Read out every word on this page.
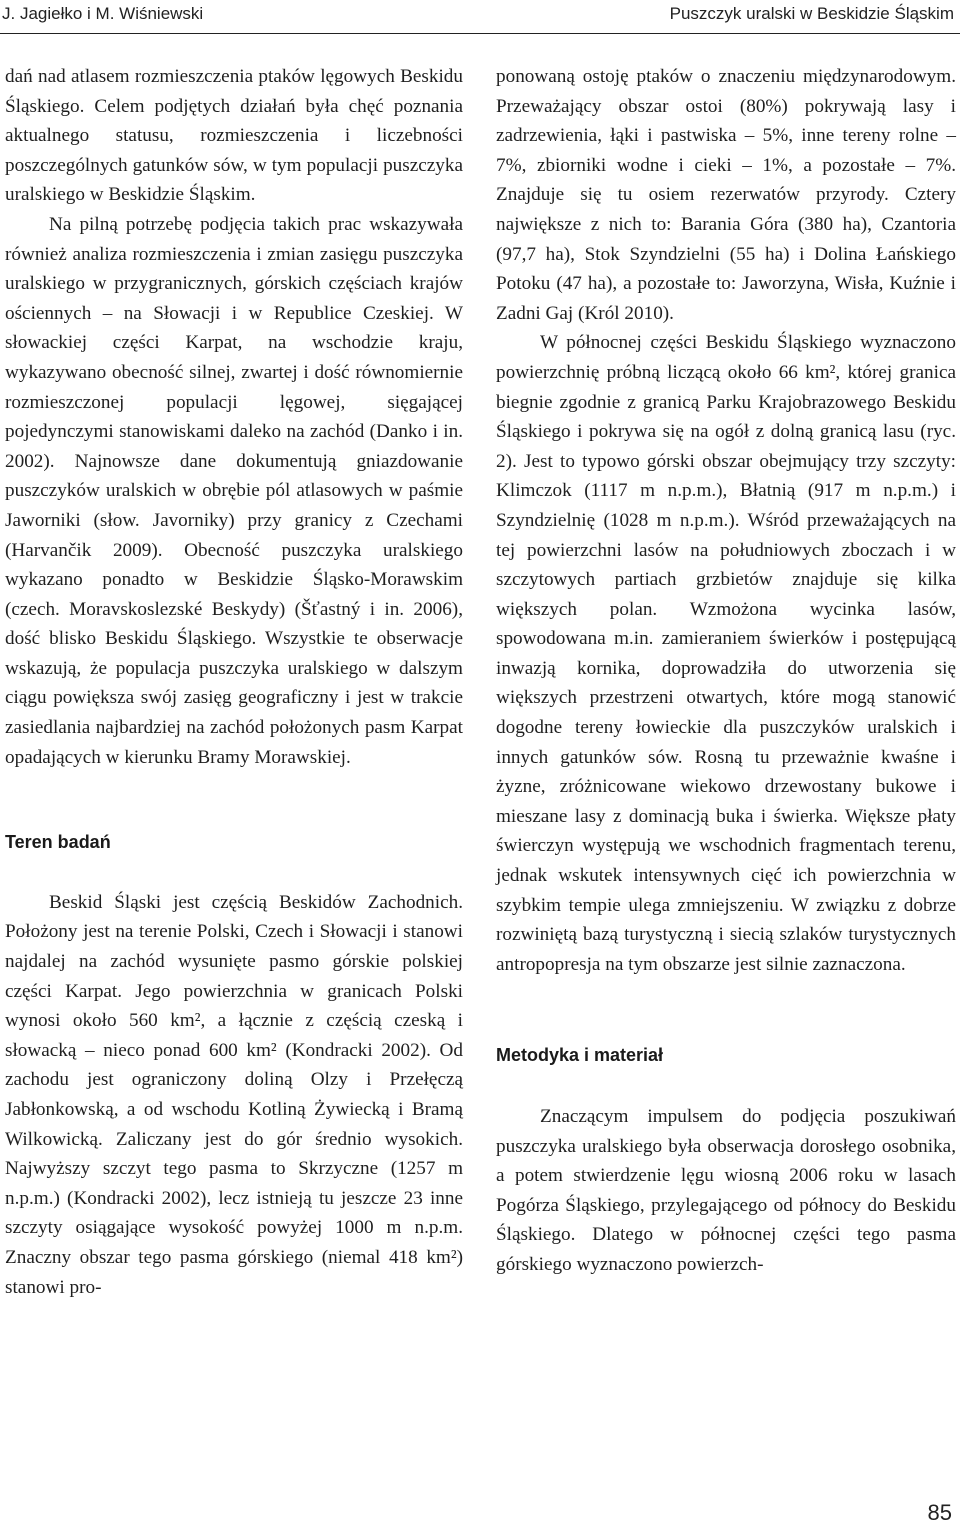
J. Jagiełko i M. Wiśniewski	Puszczyk uralski w Beskidzie Śląskim

dań nad atlasem rozmieszczenia ptaków lęgowych Beskidu Śląskiego. Celem podjętych działań była chęć poznania aktualnego statusu, rozmieszczenia i liczebności poszczególnych gatunków sów, w tym populacji puszczyka uralskiego w Beskidzie Śląskim.

Na pilną potrzebę podjęcia takich prac wskazywała również analiza rozmieszczenia i zmian zasięgu puszczyka uralskiego w przygranicznych, górskich częściach krajów ościennych – na Słowacji i w Republice Czeskiej. W słowackiej części Karpat, na wschodzie kraju, wykazywano obecność silnej, zwartej i dość równomiernie rozmieszczonej populacji lęgowej, sięgającej pojedynczymi stanowiskami daleko na zachód (Danko i in. 2002). Najnowsze dane dokumentują gniazdowanie puszczyków uralskich w obrębie pól atlasowych w paśmie Jaworniki (słow. Javorniky) przy granicy z Czechami (Harvančik 2009). Obecność puszczyka uralskiego wykazano ponadto w Beskidzie Śląsko-Morawskim (czech. Moravskoslezské Beskydy) (Šťastný i in. 2006), dość blisko Beskidu Śląskiego. Wszystkie te obserwacje wskazują, że populacja puszczyka uralskiego w dalszym ciągu powiększa swój zasięg geograficzny i jest w trakcie zasiedlania najbardziej na zachód położonych pasm Karpat opadających w kierunku Bramy Morawskiej.

Teren badań

Beskid Śląski jest częścią Beskidów Zachodnich. Położony jest na terenie Polski, Czech i Słowacji i stanowi najdalej na zachód wysunięte pasmo górskie polskiej części Karpat. Jego powierzchnia w granicach Polski wynosi około 560 km², a łącznie z częścią czeską i słowacką – nieco ponad 600 km² (Kondracki 2002). Od zachodu jest ograniczony doliną Olzy i Przełęczą Jabłonkowską, a od wschodu Kotliną Żywiecką i Bramą Wilkowicką. Zaliczany jest do gór średnio wysokich. Najwyższy szczyt tego pasma to Skrzyczne (1257 m n.p.m.) (Kondracki 2002), lecz istnieją tu jeszcze 23 inne szczyty osiągające wysokość powyżej 1000 m n.p.m. Znaczny obszar tego pasma górskiego (niemal 418 km²) stanowi pro-

ponowaną ostoję ptaków o znaczeniu międzynarodowym. Przeważający obszar ostoi (80%) pokrywają lasy i zadrzewienia, łąki i pastwiska – 5%, inne tereny rolne – 7%, zbiorniki wodne i cieki – 1%, a pozostałe – 7%. Znajduje się tu osiem rezerwatów przyrody. Cztery największe z nich to: Barania Góra (380 ha), Czantoria (97,7 ha), Stok Szyndzielni (55 ha) i Dolina Łańskiego Potoku (47 ha), a pozostałe to: Jaworzyna, Wisła, Kuźnie i Zadni Gaj (Król 2010).

W północnej części Beskidu Śląskiego wyznaczono powierzchnię próbną liczącą około 66 km², której granica biegnie zgodnie z granicą Parku Krajobrazowego Beskidu Śląskiego i pokrywa się na ogół z dolną granicą lasu (ryc. 2). Jest to typowo górski obszar obejmujący trzy szczyty: Klimczok (1117 m n.p.m.), Błatnią (917 m n.p.m.) i Szyndzielnię (1028 m n.p.m.). Wśród przeważających na tej powierzchni lasów na południowych zboczach i w szczytowych partiach grzbietów znajduje się kilka większych polan. Wzmożona wycinka lasów, spowodowana m.in. zamieraniem świerków i postępującą inwazją kornika, doprowadziła do utworzenia się większych przestrzeni otwartych, które mogą stanowić dogodne tereny łowieckie dla puszczyków uralskich i innych gatunków sów. Rosną tu przeważnie kwaśne i żyzne, zróżnicowane wiekowo drzewostany bukowe i mieszane lasy z dominacją buka i świerka. Większe płaty świerczyn występują we wschodnich fragmentach terenu, jednak wskutek intensywnych cięć ich powierzchnia w szybkim tempie ulega zmniejszeniu. W związku z dobrze rozwiniętą bazą turystyczną i siecią szlaków turystycznych antropopresja na tym obszarze jest silnie zaznaczona.

Metodyka i materiał

Znaczącym impulsem do podjęcia poszukiwań puszczyka uralskiego była obserwacja dorosłego osobnika, a potem stwierdzenie lęgu wiosną 2006 roku w lasach Pogórza Śląskiego, przylegającego od północy do Beskidu Śląskiego. Dlatego w północnej części tego pasma górskiego wyznaczono powierzch-

85
